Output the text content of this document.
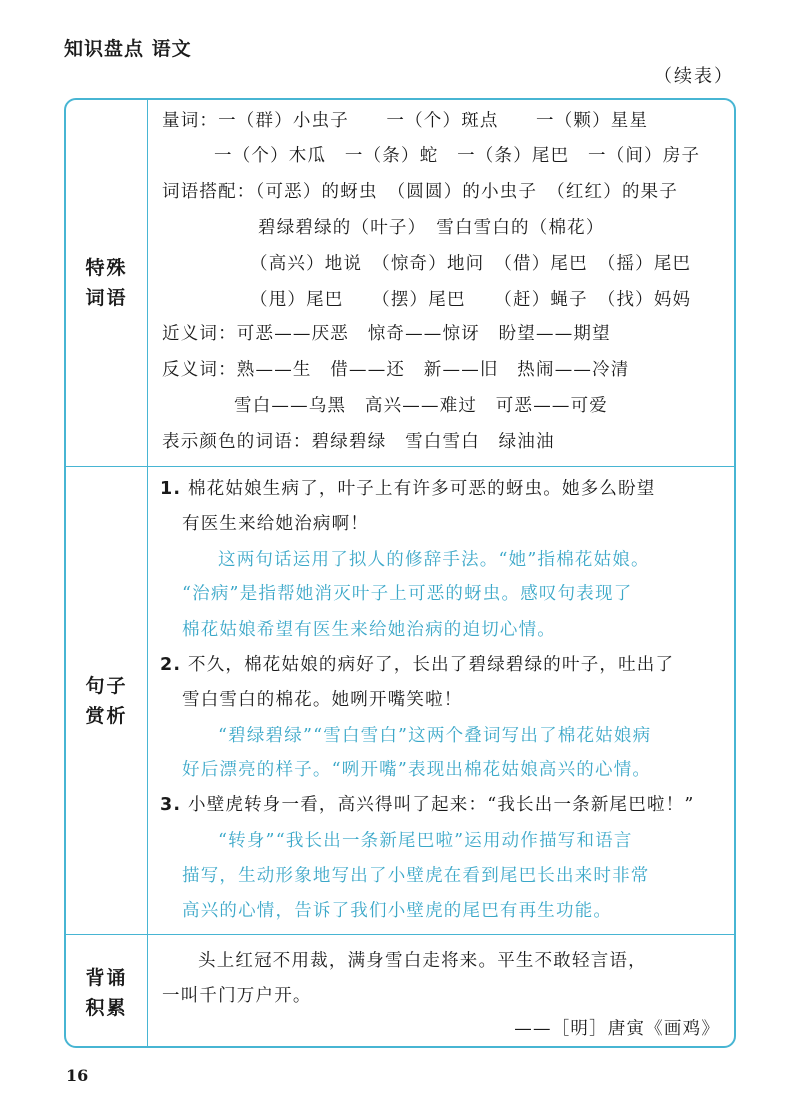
知识盘点 语文
（续表）
特殊词语
量词：一（群）小虫子　　一（个）斑点　　一（颗）星星
一（个）木瓜　一（条）蛇　一（条）尾巴　一（间）房子
词语搭配：（可恶）的蚜虫　（圆圆）的小虫子　（红红）的果子
碧绿碧绿的（叶子）　雪白雪白的（棉花）
（高兴）地说　（惊奇）地问　（借）尾巴　（摇）尾巴
（甩）尾巴　　（摆）尾巴　　（赶）蝇子　（找）妈妈
近义词：可恶——厌恶　惊奇——惊讶　盼望——期望
反义词：熟——生　借——还　新——旧　热闹——冷清
雪白——乌黑　高兴——难过　可恶——可爱
表示颜色的词语：碧绿碧绿　雪白雪白　绿油油
句子赏析
1. 棉花姑娘生病了，叶子上有许多可恶的蚜虫。她多么盼望
有医生来给她治病啊！
这两句话运用了拟人的修辞手法。“她”指棉花姑娘。
“治病”是指帮她消灭叶子上可恶的蚜虫。感叹句表现了
棉花姑娘希望有医生来给她治病的迫切心情。
2. 不久，棉花姑娘的病好了，长出了碧绿碧绿的叶子，吐出了
雪白雪白的棉花。她咧开嘴笑啦！
“碧绿碧绿”“雪白雪白”这两个叠词写出了棉花姑娘病
好后漂亮的样子。“咧开嘴”表现出棉花姑娘高兴的心情。
3. 小壁虎转身一看，高兴得叫了起来：“我长出一条新尾巴啦！”
“转身”“我长出一条新尾巴啦”运用动作描写和语言
描写，生动形象地写出了小壁虎在看到尾巴长出来时非常
高兴的心情，告诉了我们小壁虎的尾巴有再生功能。
背诵积累
头上红冠不用裁，满身雪白走将来。平生不敢轻言语，
一叫千门万户开。
——［明］唐寅《画鸡》
16
